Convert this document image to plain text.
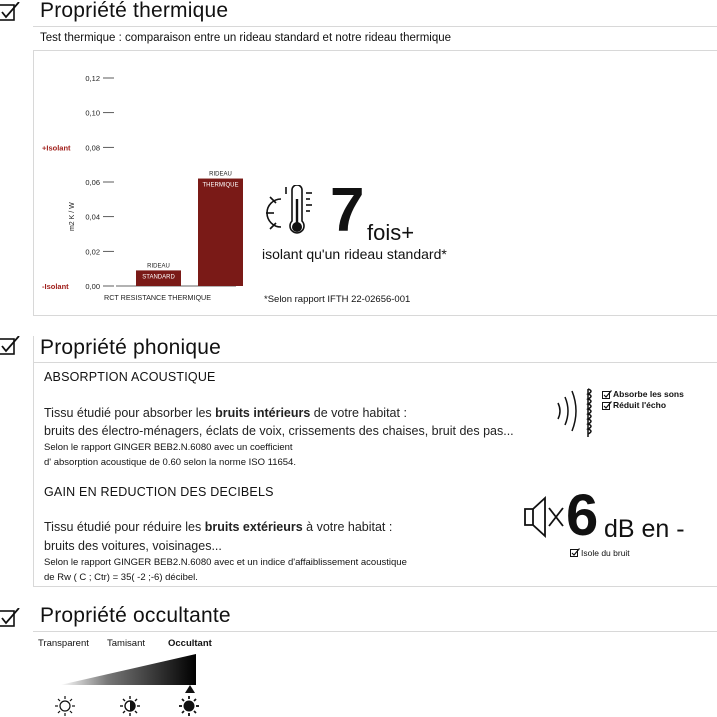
Propriété thermique
Test thermique : comparaison entre un rideau standard et notre rideau thermique
0,00
0,02
0,04
0,06
0,08
0,10
0,12
+Isolant
-Isolant
m2 K / W
RIDEAU
STANDARD
RIDEAU
THERMIQUE
RCT RESISTANCE THERMIQUE
7 fois+
isolant qu'un rideau standard*
*Selon rapport IFTH 22-02656-001
Propriété phonique
ABSORPTION ACOUSTIQUE
Tissu étudié pour absorber les bruits intérieurs de votre habitat :
bruits des électro-ménagers, éclats de voix, crissements des chaises, bruit des pas...
Selon le rapport GINGER BEB2.N.6080 avec un coefficient
d' absorption acoustique de 0.60 selon la norme ISO 11654.
Absorbe les sons
Réduit l'écho
GAIN EN REDUCTION DES DECIBELS
Tissu étudié pour réduire les bruits extérieurs à votre habitat :
bruits des voitures, voisinages...
Selon le rapport GINGER BEB2.N.6080 avec et un indice d'affaiblissement acoustique
de Rw ( C ; Ctr) = 35( -2 ;-6) décibel.
6 dB en -
Isole du bruit
Propriété occultante
Transparent Tamisant Occultant
